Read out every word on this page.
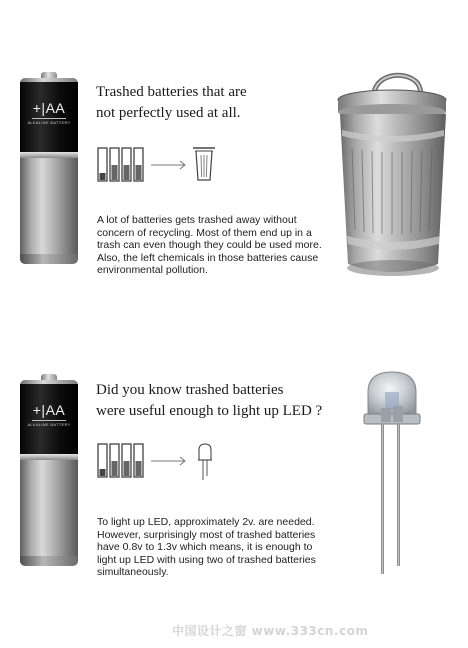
+|AA
ALKALINE BATTERY
Trashed batteries that are
not perfectly used at all.
A lot of batteries gets trashed away without
concern of recycling. Most of them end up in a
trash can even though they could be used more.
Also, the left chemicals in those batteries cause
environmental pollution.
+|AA
ALKALINE BATTERY
Did you know trashed batteries
were useful enough to light up LED ?
To light up LED, approximately 2v. are needed.
However, surprisingly most of trashed batteries
have 0.8v to 1.3v which means, it is enough to
light up LED with using two of trashed batteries
simultaneously.
中国设计之窗 www.333cn.com
